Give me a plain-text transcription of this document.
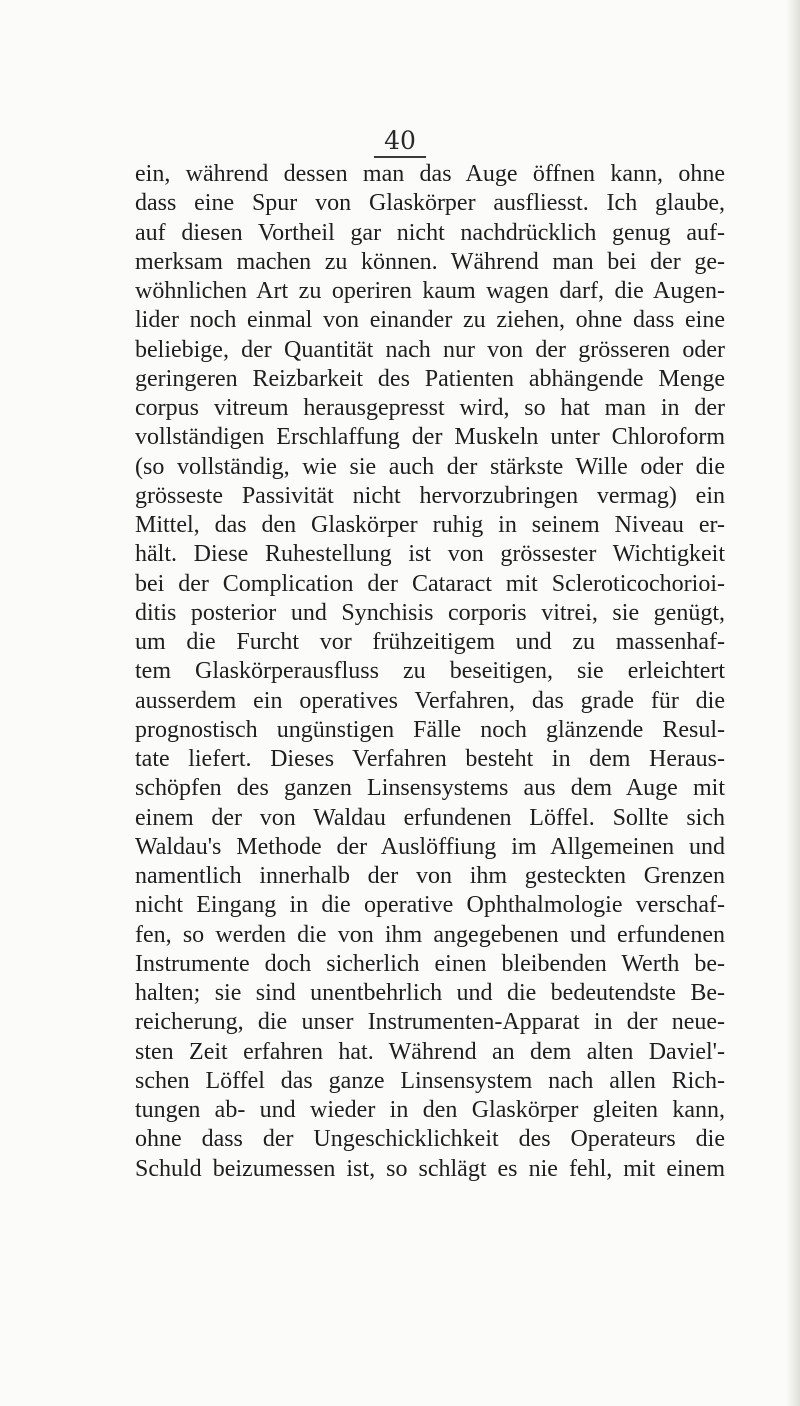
40
ein, während dessen man das Auge öffnen kann, ohne
dass eine Spur von Glaskörper ausfliesst. Ich glaube,
auf diesen Vortheil gar nicht nachdrücklich genug auf-
merksam machen zu können. Während man bei der ge-
wöhnlichen Art zu operiren kaum wagen darf, die Augen-
lider noch einmal von einander zu ziehen, ohne dass eine
beliebige, der Quantität nach nur von der grösseren oder
geringeren Reizbarkeit des Patienten abhängende Menge
corpus vitreum herausgepresst wird, so hat man in der
vollständigen Erschlaffung der Muskeln unter Chloroform
(so vollständig, wie sie auch der stärkste Wille oder die
grösseste Passivität nicht hervorzubringen vermag) ein
Mittel, das den Glaskörper ruhig in seinem Niveau er-
hält. Diese Ruhestellung ist von grössester Wichtigkeit
bei der Complication der Cataract mit Scleroticochorioi-
ditis posterior und Synchisis corporis vitrei, sie genügt,
um die Furcht vor frühzeitigem und zu massenhaf-
tem Glaskörperausfluss zu beseitigen, sie erleichtert
ausserdem ein operatives Verfahren, das grade für die
prognostisch ungünstigen Fälle noch glänzende Resul-
tate liefert. Dieses Verfahren besteht in dem Heraus-
schöpfen des ganzen Linsensystems aus dem Auge mit
einem der von Waldau erfundenen Löffel. Sollte sich
Waldau's Methode der Auslöffiung im Allgemeinen und
namentlich innerhalb der von ihm gesteckten Grenzen
nicht Eingang in die operative Ophthalmologie verschaf-
fen, so werden die von ihm angegebenen und erfundenen
Instrumente doch sicherlich einen bleibenden Werth be-
halten; sie sind unentbehrlich und die bedeutendste Be-
reicherung, die unser Instrumenten-Apparat in der neue-
sten Zeit erfahren hat. Während an dem alten Daviel'-
schen Löffel das ganze Linsensystem nach allen Rich-
tungen ab- und wieder in den Glaskörper gleiten kann,
ohne dass der Ungeschicklichkeit des Operateurs die
Schuld beizumessen ist, so schlägt es nie fehl, mit einem
